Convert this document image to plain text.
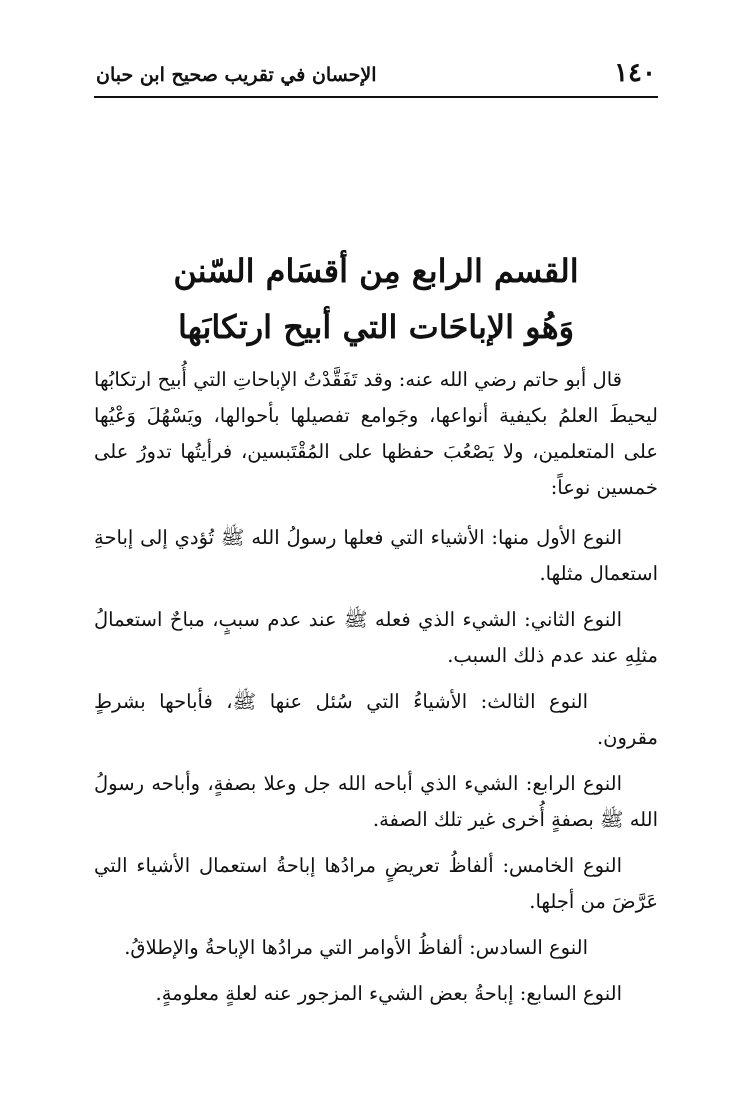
١٤٠
الإحسان في تقريب صحيح ابن حبان
القسم الرابع مِن أقسَام السّنن
وَهُو الإباحَات التي أبيح ارتكابَها

قال أبو حاتم رضي الله عنه: وقد تَفَقَّدْتُ الإباحاتِ التي أُبيح ارتكابُها ليحيطَ العلمُ بكيفية أنواعها، وجَوامع تفصيلها بأحوالها، ويَسْهُلَ وَعْيُها على المتعلمين، ولا يَصْعُبَ حفظها على المُقْتَبسين، فرأيتُها تدورُ على خمسين نوعاً:

النوع الأول منها: الأشياء التي فعلها رسولُ الله ﷺ تُؤدي إلى إباحةِ استعمال مثلها.

النوع الثاني: الشيء الذي فعله ﷺ عند عدم سببٍ، مباحٌ استعمالُ مثلِهِ عند عدم ذلك السبب.

النوع الثالث: الأشياءُ التي سُئل عنها ﷺ، فأباحها بشرطٍ مقرون.

النوع الرابع: الشيء الذي أباحه الله جل وعلا بصفةٍ، وأباحه رسولُ الله ﷺ بصفةٍ أُخرى غير تلك الصفة.

النوع الخامس: ألفاظُ تعريضٍ مرادُها إباحةُ استعمال الأشياء التي عَرَّضَ من أجلها.

النوع السادس: ألفاظُ الأوامر التي مرادُها الإباحةُ والإطلاقُ.

النوع السابع: إباحةُ بعض الشيء المزجور عنه لعلةٍ معلومةٍ.
